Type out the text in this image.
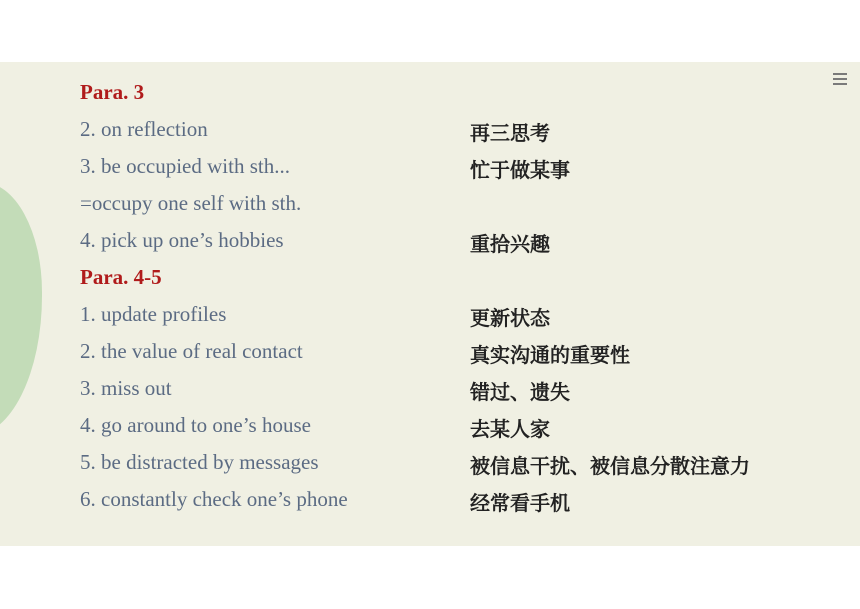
Para. 3
2. on reflection	再三思考
3. be occupied with sth...	忙于做某事
=occupy one self with sth.
4. pick up one’s hobbies	重拾兴趣
Para. 4-5
1. update profiles	更新状态
2. the value of real contact	真实沟通的重要性
3. miss out	错过、遗失
4. go around to one’s house	去某人家
5. be distracted by messages	被信息干扰、被信息分散注意力
6. constantly check one’s phone	经常看手机
